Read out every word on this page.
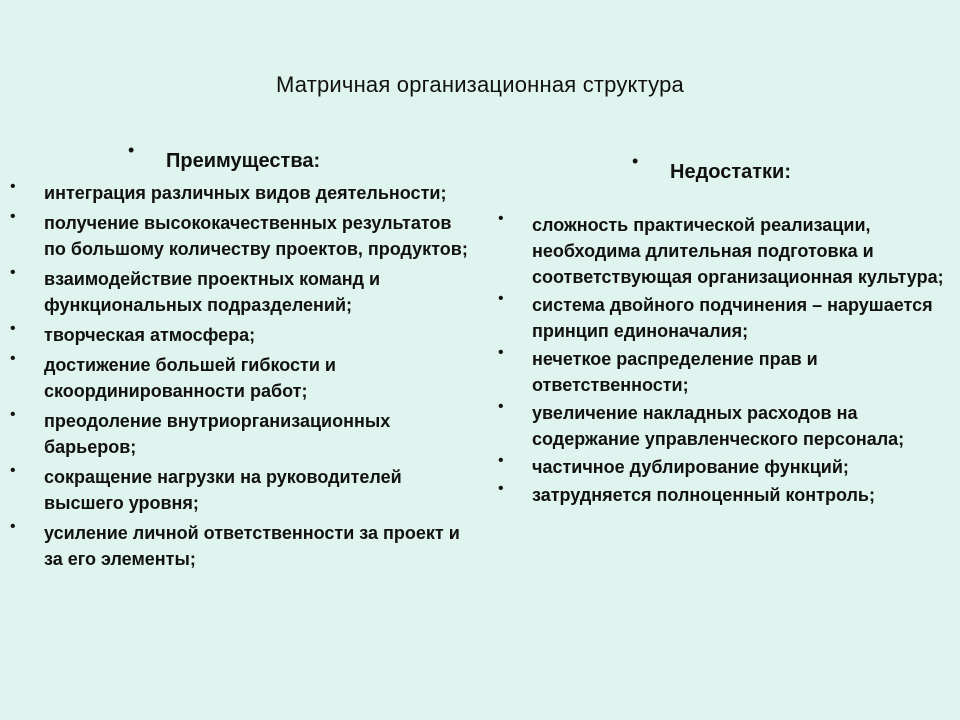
Матричная организационная структура
• Преимущества:	• Недостатки:
• интеграция различных видов деятельности;
• получение высококачественных результатов по большому количеству проектов, продуктов;
• взаимодействие проектных команд и функциональных подразделений;
• творческая атмосфера;
• достижение большей гибкости и скоординированности работ;
• преодоление внутриорганизационных барьеров;
• сокращение нагрузки на руководителей высшего уровня;
• усиление личной ответственности за проект и за его элементы;
• сложность практической реализации, необходима длительная подготовка и соответствующая организационная культура;
• система двойного подчинения – нарушается принцип единоначалия;
• нечеткое распределение прав и ответственности;
• увеличение накладных расходов на содержание управленческого персонала;
• частичное дублирование функций;
• затрудняется полноценный контроль;
